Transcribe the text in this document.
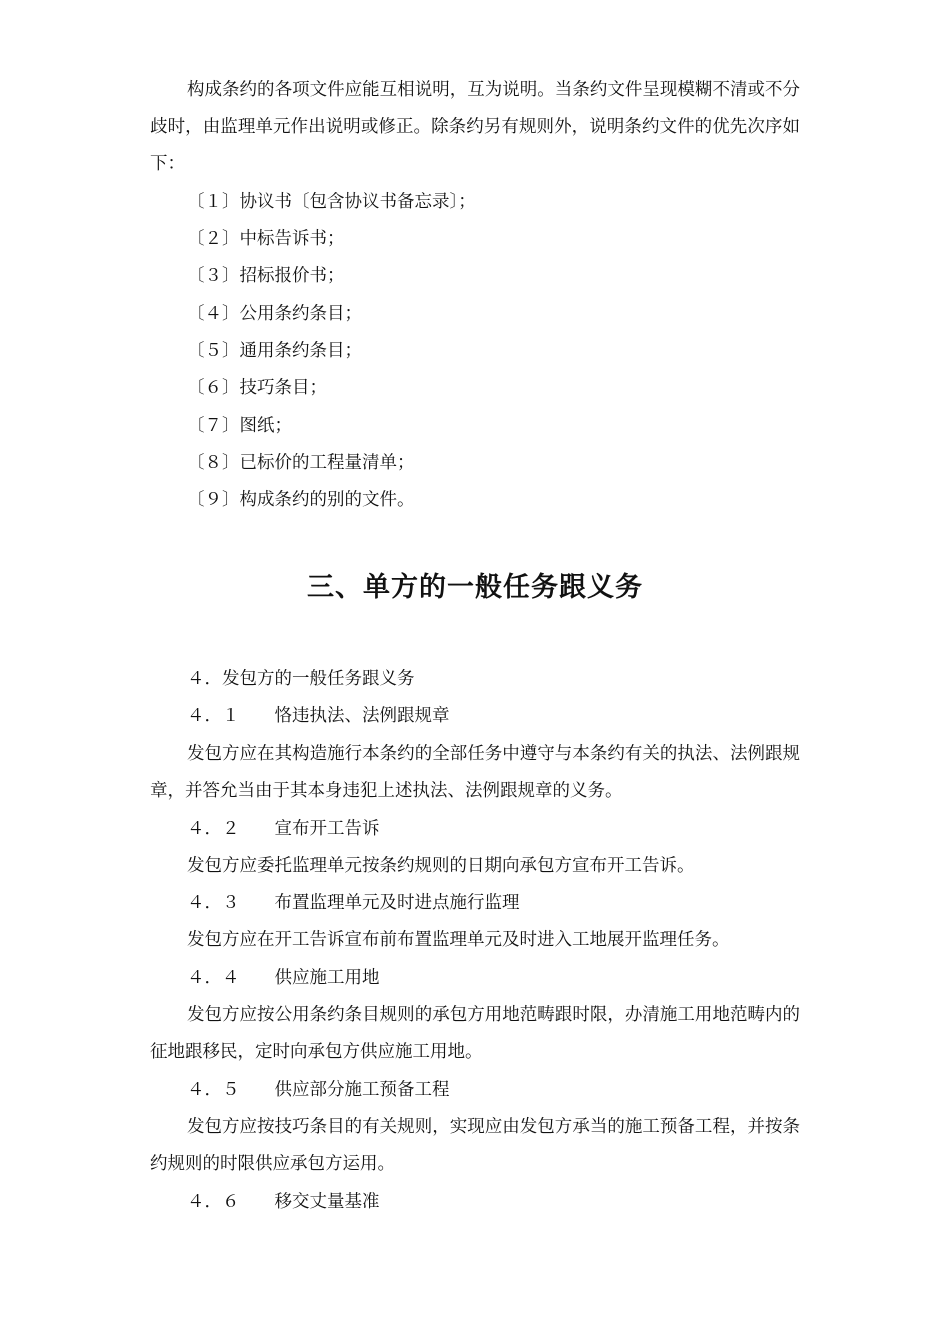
构成条约的各项文件应能互相说明，互为说明。当条约文件呈现模糊不清或不分歧时，由监理单元作出说明或修正。除条约另有规则外，说明条约文件的优先次序如下：

〔１〕协议书〔包含协议书备忘录〕；

〔２〕中标告诉书；

〔３〕招标报价书；

〔４〕公用条约条目；

〔５〕通用条约条目；

〔６〕技巧条目；

〔７〕图纸；

〔８〕已标价的工程量清单；

〔９〕构成条约的别的文件。

三、单方的一般任务跟义务

４．发包方的一般任务跟义务

４．１　　 恪违执法、法例跟规章

发包方应在其构造施行本条约的全部任务中遵守与本条约有关的执法、法例跟规章，并答允当由于其本身违犯上述执法、法例跟规章的义务。

４．２　　 宣布开工告诉

发包方应委托监理单元按条约规则的日期向承包方宣布开工告诉。

４．３　　 布置监理单元及时进点施行监理

发包方应在开工告诉宣布前布置监理单元及时进入工地展开监理任务。

４．４　　 供应施工用地

发包方应按公用条约条目规则的承包方用地范畴跟时限，办清施工用地范畴内的征地跟移民，定时向承包方供应施工用地。

４．５　　 供应部分施工预备工程

发包方应按技巧条目的有关规则，实现应由发包方承当的施工预备工程，并按条约规则的时限供应承包方运用。

４．６　　 移交丈量基准
